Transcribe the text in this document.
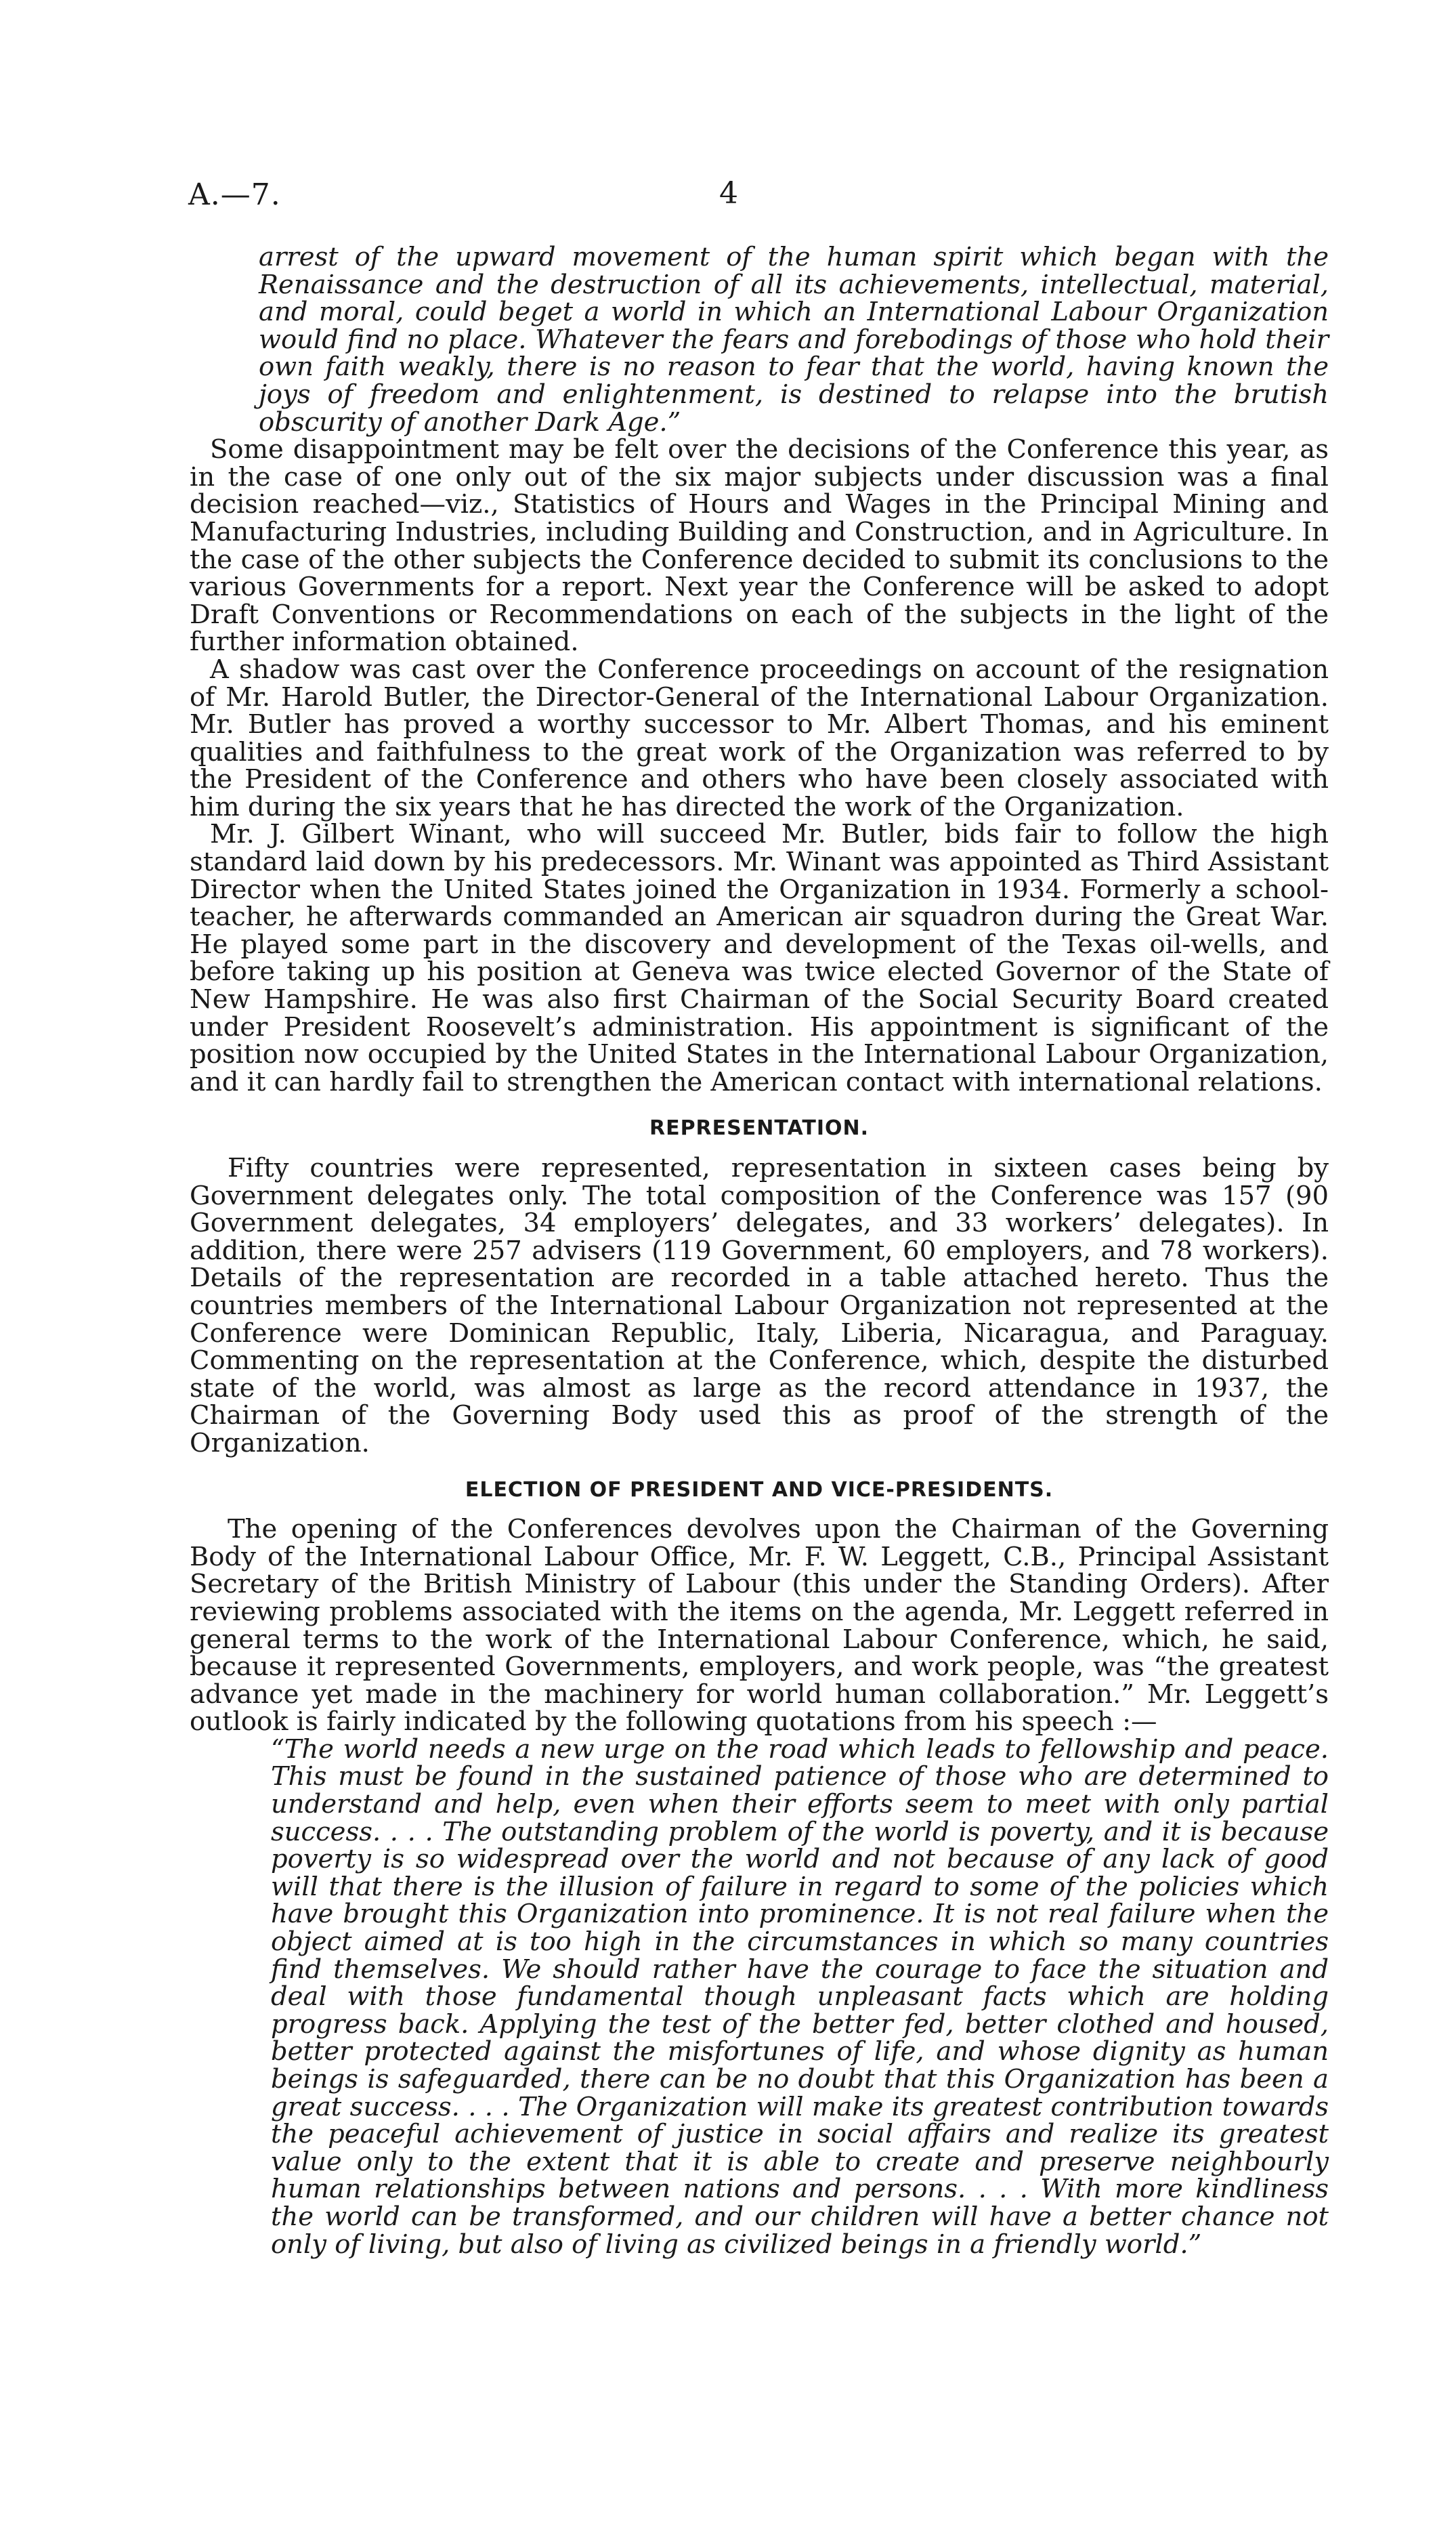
A.—7.	4

arrest of the upward movement of the human spirit which began with the Renaissance and the destruction of all its achievements, intellectual, material, and moral, could beget a world in which an International Labour Organization would find no place. Whatever the fears and forebodings of those who hold their own faith weakly, there is no reason to fear that the world, having known the joys of freedom and enlightenment, is destined to relapse into the brutish obscurity of another Dark Age.”

Some disappointment may be felt over the decisions of the Conference this year, as in the case of one only out of the six major subjects under discussion was a final decision reached—viz., Statistics of Hours and Wages in the Principal Mining and Manufacturing Industries, including Building and Construction, and in Agriculture. In the case of the other subjects the Conference decided to submit its conclusions to the various Governments for a report. Next year the Conference will be asked to adopt Draft Conventions or Recommendations on each of the subjects in the light of the further information obtained.

A shadow was cast over the Conference proceedings on account of the resignation of Mr. Harold Butler, the Director-General of the International Labour Organization. Mr. Butler has proved a worthy successor to Mr. Albert Thomas, and his eminent qualities and faithfulness to the great work of the Organization was referred to by the President of the Conference and others who have been closely associated with him during the six years that he has directed the work of the Organization.

Mr. J. Gilbert Winant, who will succeed Mr. Butler, bids fair to follow the high standard laid down by his predecessors. Mr. Winant was appointed as Third Assistant Director when the United States joined the Organization in 1934. Formerly a school-teacher, he afterwards commanded an American air squadron during the Great War. He played some part in the discovery and development of the Texas oil-wells, and before taking up his position at Geneva was twice elected Governor of the State of New Hampshire. He was also first Chairman of the Social Security Board created under President Roosevelt’s administration. His appointment is significant of the position now occupied by the United States in the International Labour Organization, and it can hardly fail to strengthen the American contact with international relations.

REPRESENTATION.

Fifty countries were represented, representation in sixteen cases being by Government delegates only. The total composition of the Conference was 157 (90 Government delegates, 34 employers’ delegates, and 33 workers’ delegates). In addition, there were 257 advisers (119 Government, 60 employers, and 78 workers). Details of the representation are recorded in a table attached hereto. Thus the countries members of the International Labour Organization not represented at the Conference were Dominican Republic, Italy, Liberia, Nicaragua, and Paraguay. Commenting on the representation at the Conference, which, despite the disturbed state of the world, was almost as large as the record attendance in 1937, the Chairman of the Governing Body used this as proof of the strength of the Organization.

ELECTION OF PRESIDENT AND VICE-PRESIDENTS.

The opening of the Conferences devolves upon the Chairman of the Governing Body of the International Labour Office, Mr. F. W. Leggett, C.B., Principal Assistant Secretary of the British Ministry of Labour (this under the Standing Orders). After reviewing problems associated with the items on the agenda, Mr. Leggett referred in general terms to the work of the International Labour Conference, which, he said, because it represented Governments, employers, and work people, was “the greatest advance yet made in the machinery for world human collaboration.” Mr. Leggett’s outlook is fairly indicated by the following quotations from his speech :—

“The world needs a new urge on the road which leads to fellowship and peace. This must be found in the sustained patience of those who are determined to understand and help, even when their efforts seem to meet with only partial success. . . . The outstanding problem of the world is poverty, and it is because poverty is so widespread over the world and not because of any lack of good will that there is the illusion of failure in regard to some of the policies which have brought this Organization into prominence. It is not real failure when the object aimed at is too high in the circumstances in which so many countries find themselves. We should rather have the courage to face the situation and deal with those fundamental though unpleasant facts which are holding progress back. Applying the test of the better fed, better clothed and housed, better protected against the misfortunes of life, and whose dignity as human beings is safeguarded, there can be no doubt that this Organization has been a great success. . . . The Organization will make its greatest contribution towards the peaceful achievement of justice in social affairs and realize its greatest value only to the extent that it is able to create and preserve neighbourly human relationships between nations and persons. . . . With more kindliness the world can be transformed, and our children will have a better chance not only of living, but also of living as civilized beings in a friendly world.”
